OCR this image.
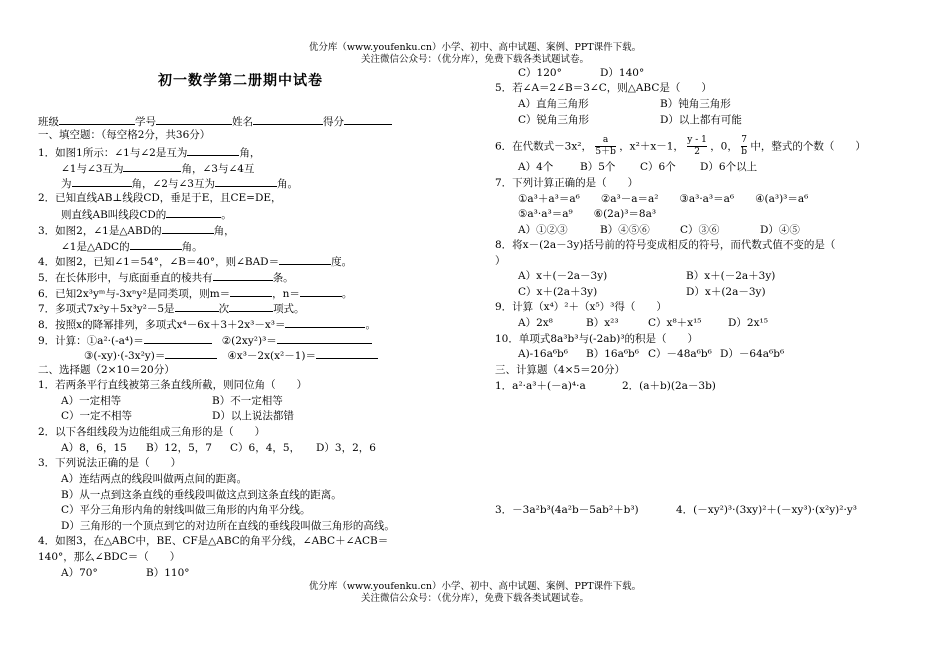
优分库（www.youfenku.cn）小学、初中、高中试题、案例、PPT课件下载。
关注微信公众号：（优分库），免费下载各类试题试卷。
初一数学第二册期中试卷
班级	学号	姓名	得分
一、填空题：（每空格2分，共36分）
1．如图1所示：∠1与∠2是互为	角，
∠1与∠3互为	角，∠3与∠4互
为	角，∠2与∠3互为	角。
2．已知直线AB⊥线段CD，垂足于E，且CE=DE，
则直线AB叫线段CD的	。
3．如图2，∠1是△ABD的	角，
∠1是△ADC的	角。
4．如图2，已知∠1＝54°，∠B＝40°，则∠BAD＝	度。
5．在长体形中，与底面垂直的棱共有	条。
6．已知2x³yᵐ与-3xⁿy²是同类项，则m＝	，n＝	。
7．多项式7x²y＋5x³y²－5是	次	项式。
8．按照x的降幂排列，多项式x⁴－6x＋3＋2x³－x³＝	。
9．计算：①a²·(-a⁴)＝	②(2xy²)³＝
③(-xy)·(-3x²y)＝	④x³－2x(x²－1)＝
二、选择题（2×10＝20分）
1．若两条平行直线被第三条直线所截，则同位角（　　）
A）一定相等	B）不一定相等
C）一定不相等	D）以上说法都错
2．以下各组线段为边能组成三角形的是（　　）
A）8，6，15 B）12，5，7 C）6，4，5， D）3，2，6
3．下列说法正确的是（　　）
A）连结两点的线段叫做两点间的距离。
B）从一点到这条直线的垂线段叫做这点到这条直线的距离。
C）平分三角形内角的射线叫做三角形的内角平分线。
D）三角形的一个顶点到它的对边所在直线的垂线段叫做三角形的高线。
4．如图3，在△ABC中，BE、CF是△ABC的角平分线，∠ABC＋∠ACB＝
140°，那么∠BDC＝（　　）
A）70°	B）110°
C）120°	D）140°
5．若∠A＝2∠B＝3∠C，则△ABC是（　　）
A）直角三角形	B）钝角三角形
C）锐角三角形	D）以上都有可能
6．在代数式－3x²， $\frac{a}{5+b}$ ，x²＋x－1， $\frac{y - 1}{2}$ ，0， $\frac{7}{b}$ 中，整式的个数（　　）
A）4个	B）5个 C）6个 D）6个以上
7．下列计算正确的是（　　）
①a³＋a³＝a⁶　　②a³－a＝a²　　③a³·a³＝a⁶　　④(a³)³＝a⁶
⑤a³·a³＝a⁹　　⑥(2a)³＝8a³
A）①②③	B）④⑤⑥	C）③⑥	D）④⑤
8．将x－(2a－3y)括号前的符号变成相反的符号，而代数式值不变的是（
）
A）x＋(－2a－3y)	B）x＋(－2a＋3y)
C）x＋(2a＋3y)	D）x＋(2a－3y)
9．计算（x⁴）²＋（x⁵）³得（　　）
A）2x⁸	B）x²³	C）x⁸＋x¹⁵	D）2x¹⁵
10．单项式8a³b³与(-2ab)³的积是（　　）
A)-16a⁶b⁶ B）16a⁶b⁶ C）－48a⁶b⁶ D）－64a⁶b⁶
三、计算题（4×5＝20分）
1．a²·a³＋(－a)⁴·a	2．(a＋b)(2a－3b)
3．－3a²b³(4a²b－5ab²＋b³)	4．(－xy²)³·(3xy)²＋(－xy³)·(x²y)²·y³
优分库（www.youfenku.cn）小学、初中、高中试题、案例、PPT课件下载。
关注微信公众号：（优分库），免费下载各类试题试卷。
